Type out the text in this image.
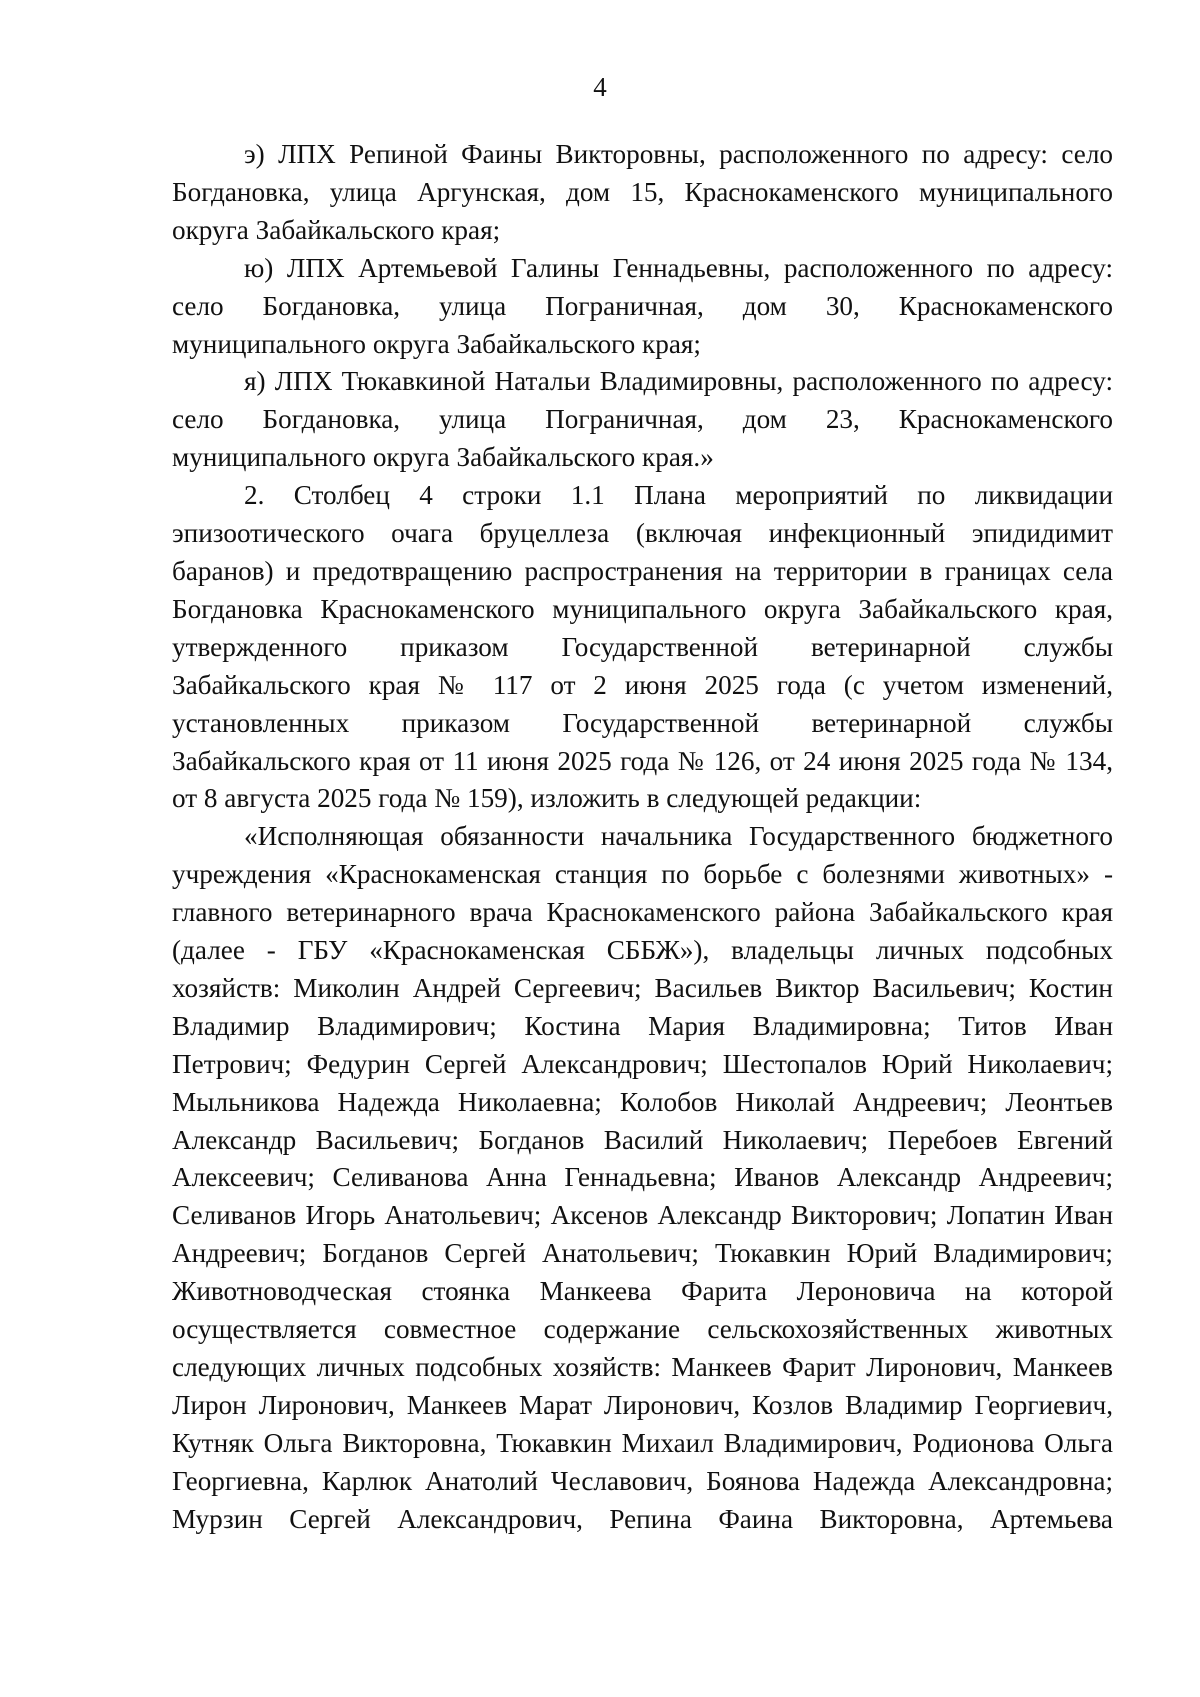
4

э) ЛПХ Репиной Фаины Викторовны, расположенного по адресу: село Богдановка, улица Аргунская, дом 15, Краснокаменского муниципального округа Забайкальского края;

ю) ЛПХ Артемьевой Галины Геннадьевны, расположенного по адресу: село Богдановка, улица Пограничная, дом 30, Краснокаменского муниципального округа Забайкальского края;

я) ЛПХ Тюкавкиной Натальи Владимировны, расположенного по адресу: село Богдановка, улица Пограничная, дом 23, Краснокаменского муниципального округа Забайкальского края.»

2. Столбец 4 строки 1.1 Плана мероприятий по ликвидации эпизоотического очага бруцеллеза (включая инфекционный эпидидимит баранов) и предотвращению распространения на территории в границах села Богдановка Краснокаменского муниципального округа Забайкальского края, утвержденного приказом Государственной ветеринарной службы Забайкальского края № 117 от 2 июня 2025 года (с учетом изменений, установленных приказом Государственной ветеринарной службы Забайкальского края от 11 июня 2025 года № 126, от 24 июня 2025 года № 134, от 8 августа 2025 года № 159), изложить в следующей редакции:

«Исполняющая обязанности начальника Государственного бюджетного учреждения «Краснокаменская станция по борьбе с болезнями животных» - главного ветеринарного врача Краснокаменского района Забайкальского края (далее - ГБУ «Краснокаменская СББЖ»), владельцы личных подсобных хозяйств: Миколин Андрей Сергеевич; Васильев Виктор Васильевич; Костин Владимир Владимирович; Костина Мария Владимировна; Титов Иван Петрович; Федурин Сергей Александрович; Шестопалов Юрий Николаевич; Мыльникова Надежда Николаевна; Колобов Николай Андреевич; Леонтьев Александр Васильевич; Богданов Василий Николаевич; Перебоев Евгений Алексеевич; Селиванова Анна Геннадьевна; Иванов Александр Андреевич; Селиванов Игорь Анатольевич; Аксенов Александр Викторович; Лопатин Иван Андреевич; Богданов Сергей Анатольевич; Тюкавкин Юрий Владимирович; Животноводческая стоянка Манкеева Фарита Лероновича на которой осуществляется совместное содержание сельскохозяйственных животных следующих личных подсобных хозяйств: Манкеев Фарит Лиронович, Манкеев Лирон Лиронович, Манкеев Марат Лиронович, Козлов Владимир Георгиевич, Кутняк Ольга Викторовна, Тюкавкин Михаил Владимирович, Родионова Ольга Георгиевна, Карлюк Анатолий Чеславович, Боянова Надежда Александровна; Мурзин Сергей Александрович, Репина Фаина Викторовна, Артемьева
